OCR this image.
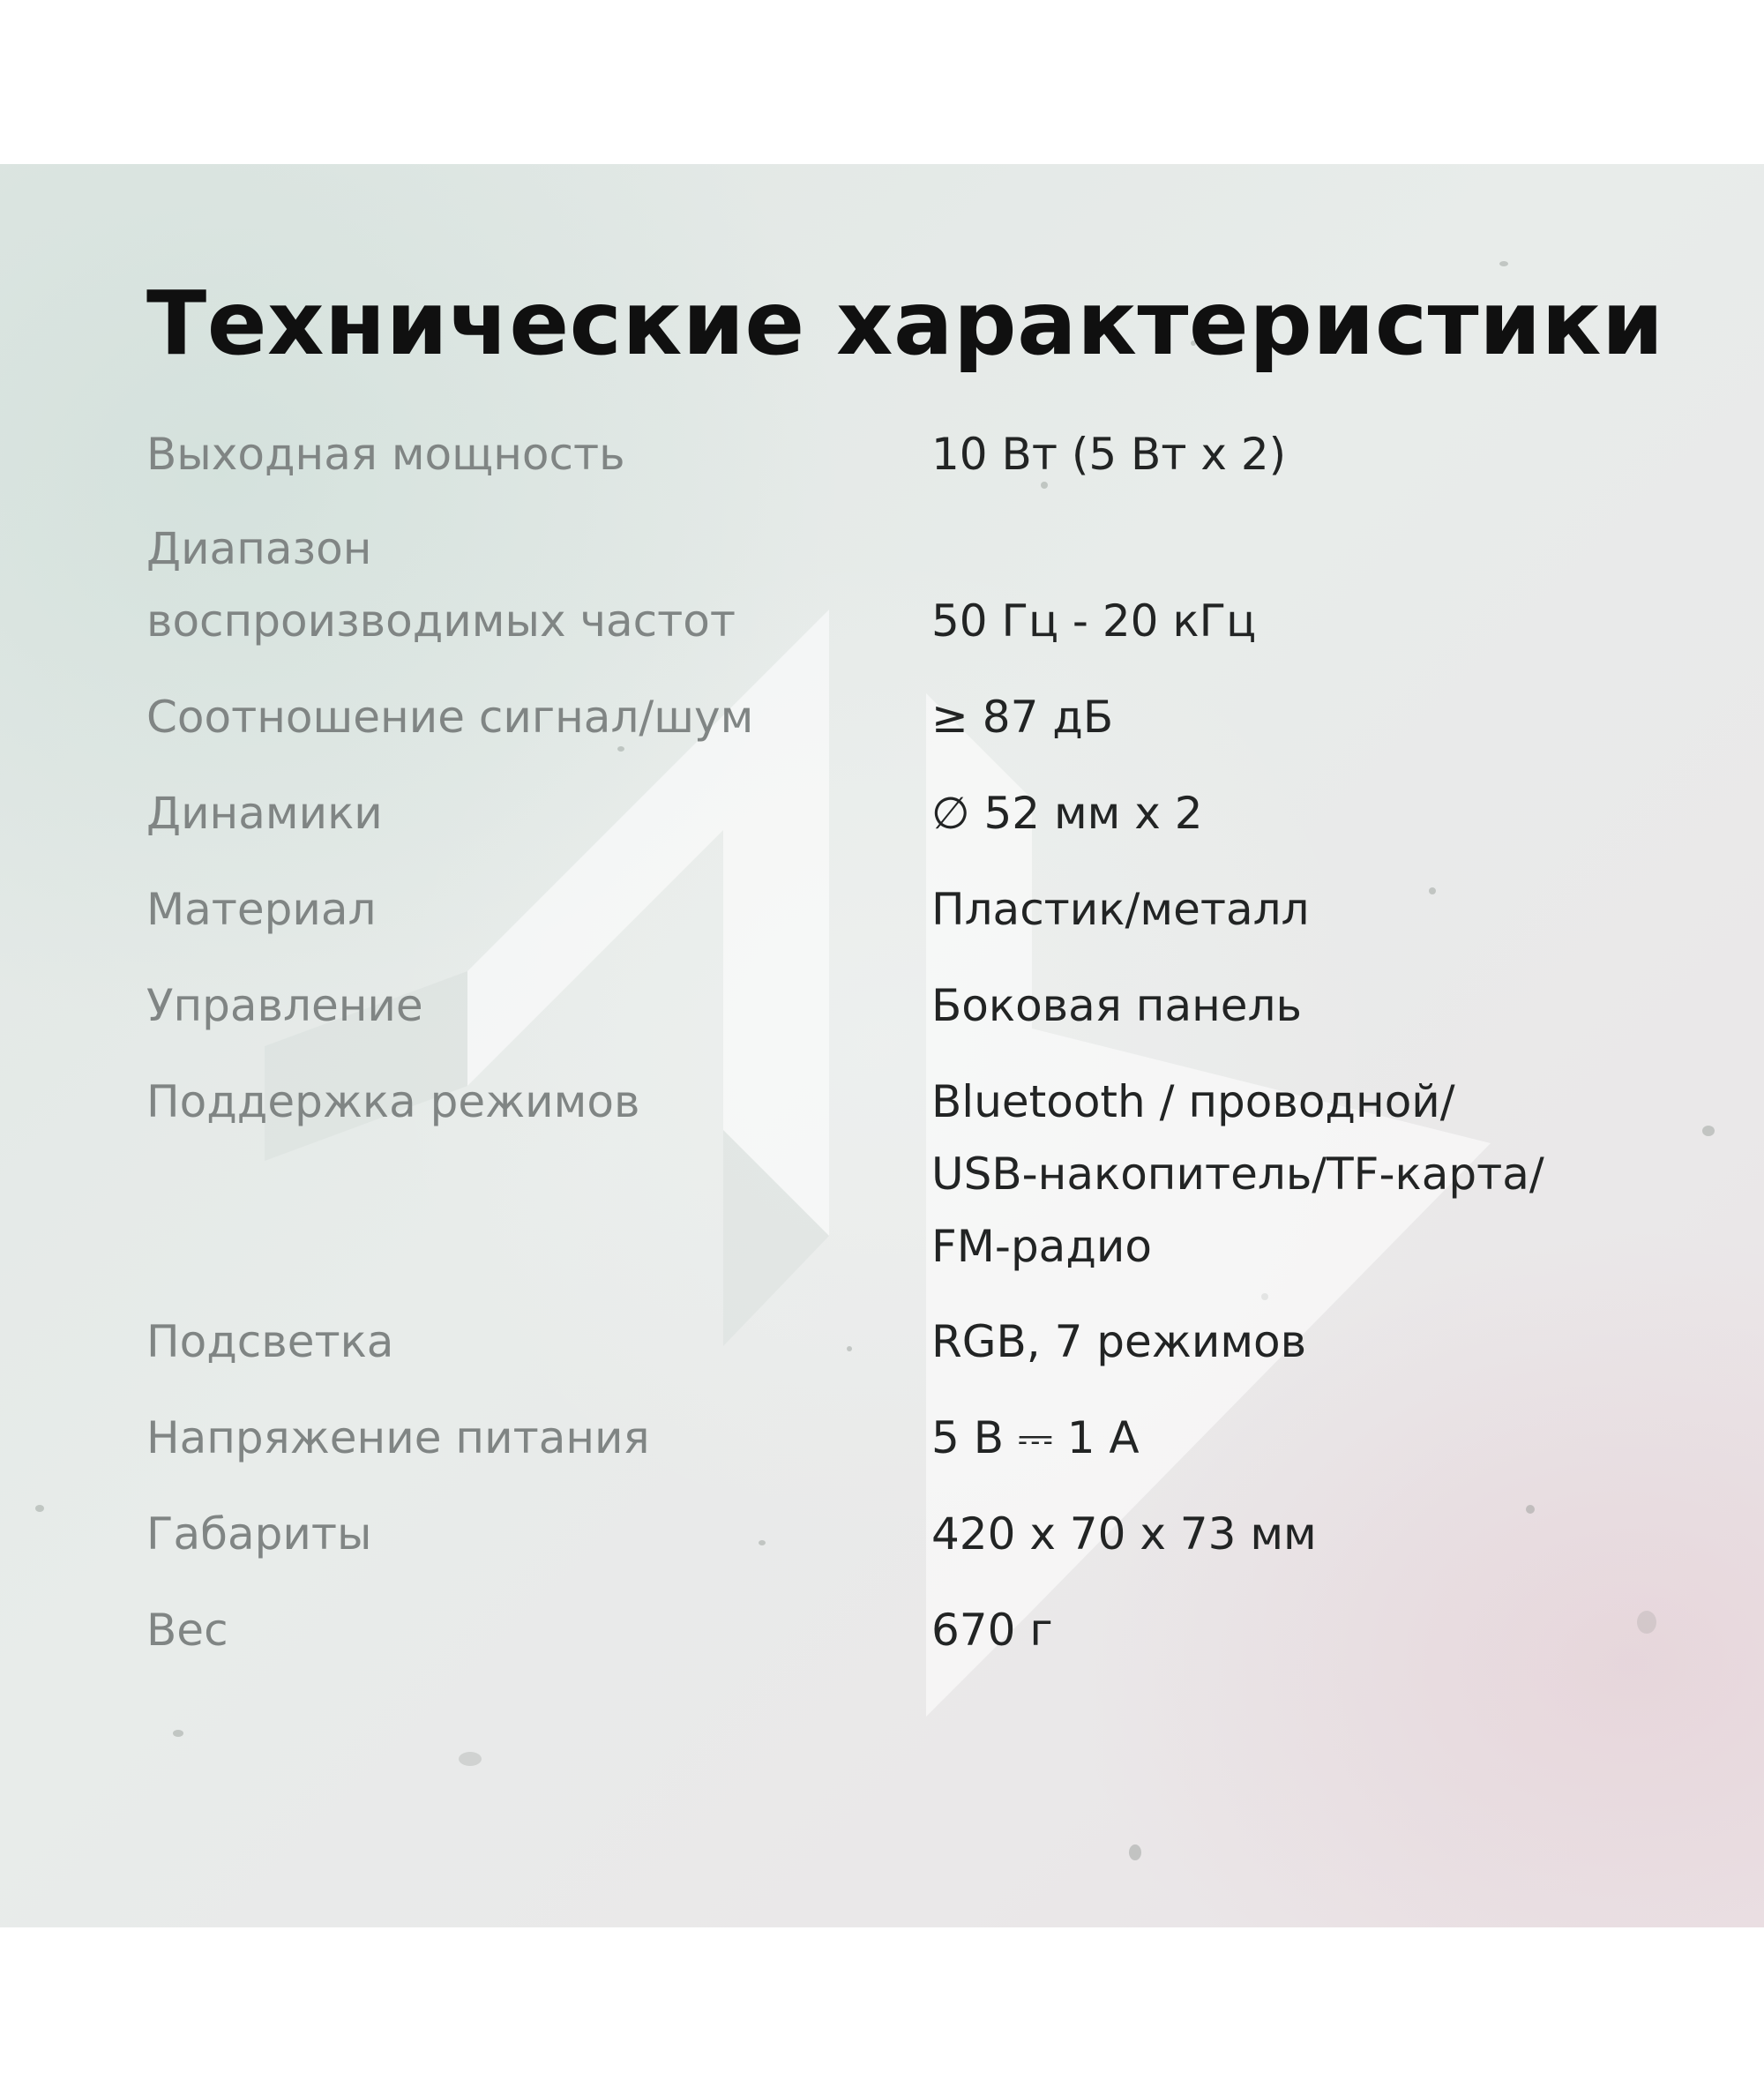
Технические характеристики
Выходная мощность	10 Вт (5 Вт x 2)
Диапазон
воспроизводимых частот	50 Гц - 20 кГц
Соотношение сигнал/шум	≥ 87 дБ
Динамики	∅ 52 мм x 2
Материал	Пластик/металл
Управление	Боковая панель
Поддержка режимов	Bluetooth / проводной/
USB-накопитель/TF-карта/
FM-радио
Подсветка	RGB, 7 режимов
Напряжение питания	5 В ⎓ 1 А
Габариты	420 x 70 x 73 мм
Вес	670 г
